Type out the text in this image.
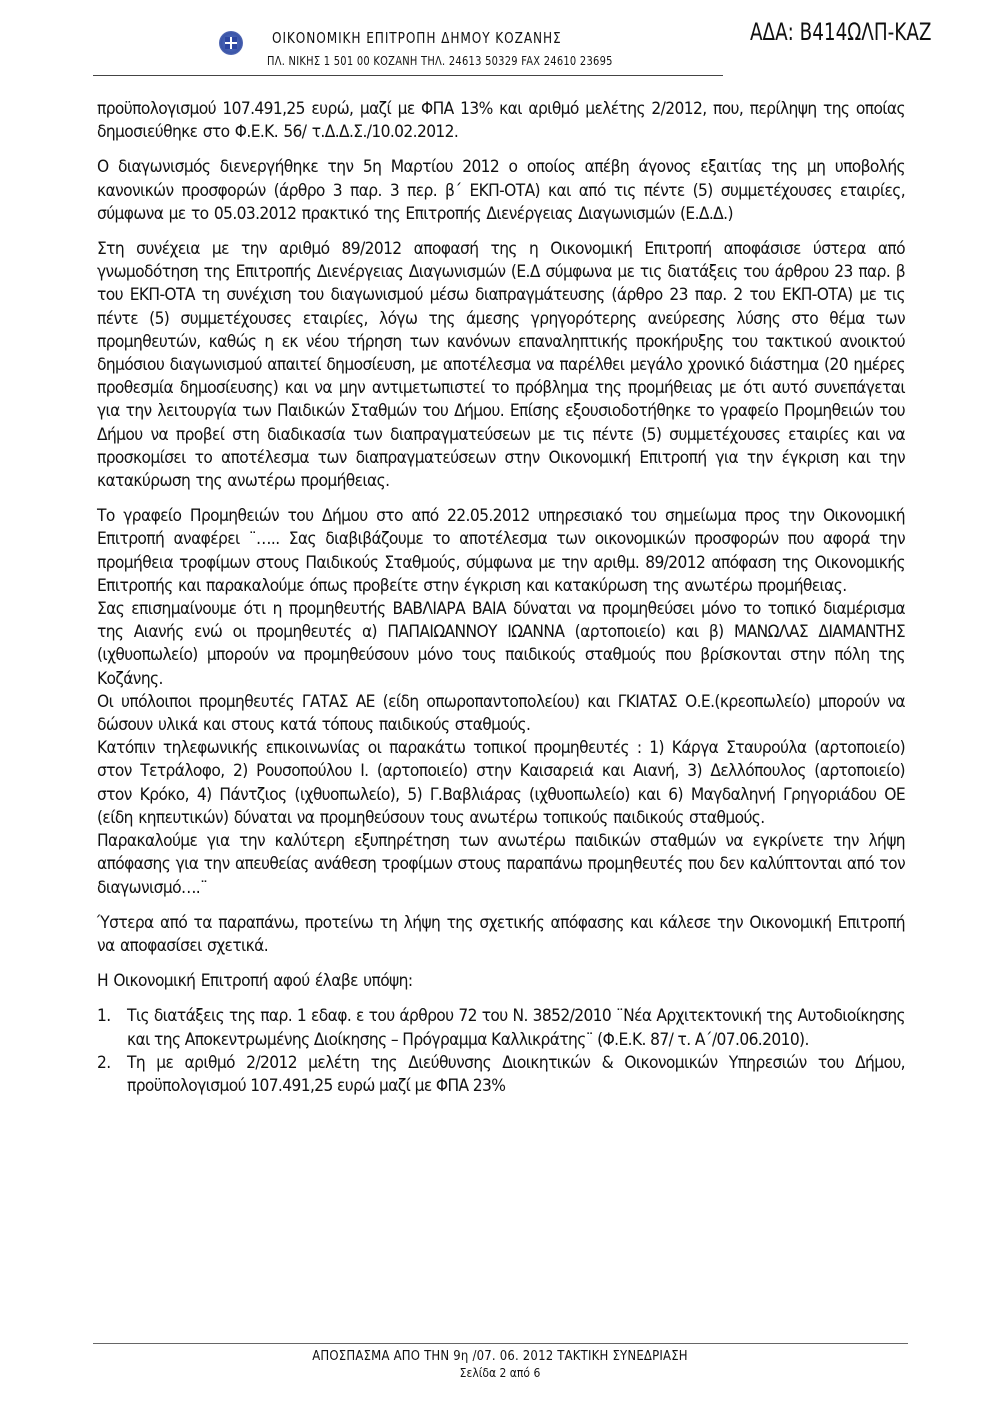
ΟΙΚΟΝΟΜΙΚΗ ΕΠΙΤΡΟΠΗ ΔΗΜΟΥ ΚΟΖΑΝΗΣ
ΠΛ. ΝΙΚΗΣ 1 501 00 ΚΟΖΑΝΗ ΤΗΛ. 24613 50329 FAX 24610 23695
ΑΔΑ: Β414ΩΛΠ-ΚΑΖ

προϋπολογισμού 107.491,25 ευρώ, μαζί με ΦΠΑ 13% και αριθμό μελέτης 2/2012, που, περίληψη της οποίας δημοσιεύθηκε στο Φ.Ε.Κ. 56/ τ.Δ.Δ.Σ./10.02.2012.

Ο διαγωνισμός διενεργήθηκε την 5η Μαρτίου 2012 ο οποίος απέβη άγονος εξαιτίας της μη υποβολής κανονικών προσφορών (άρθρο 3 παρ. 3 περ. β΄ ΕΚΠ-ΟΤΑ) και από τις πέντε (5) συμμετέχουσες εταιρίες, σύμφωνα με το 05.03.2012 πρακτικό της Επιτροπής Διενέργειας Διαγωνισμών (Ε.Δ.Δ.)

Στη συνέχεια με την αριθμό 89/2012 αποφασή της η Οικονομική Επιτροπή αποφάσισε ύστερα από γνωμοδότηση της Επιτροπής Διενέργειας Διαγωνισμών (Ε.Δ σύμφωνα με τις διατάξεις του άρθρου 23 παρ. β του ΕΚΠ-ΟΤΑ τη συνέχιση του διαγωνισμού μέσω διαπραγμάτευσης (άρθρο 23 παρ. 2 του ΕΚΠ-ΟΤΑ) με τις πέντε (5) συμμετέχουσες εταιρίες, λόγω της άμεσης γρηγορότερης ανεύρεσης λύσης στο θέμα των προμηθευτών, καθώς η εκ νέου τήρηση των κανόνων επαναληπτικής προκήρυξης του τακτικού ανοικτού δημόσιου διαγωνισμού απαιτεί δημοσίευση, με αποτέλεσμα να παρέλθει μεγάλο χρονικό διάστημα (20 ημέρες προθεσμία δημοσίευσης) και να μην αντιμετωπιστεί το πρόβλημα της προμήθειας με ότι αυτό συνεπάγεται για την λειτουργία των Παιδικών Σταθμών του Δήμου. Επίσης εξουσιοδοτήθηκε το γραφείο Προμηθειών του Δήμου να προβεί στη διαδικασία των διαπραγματεύσεων με τις πέντε (5) συμμετέχουσες εταιρίες και να προσκομίσει το αποτέλεσμα των διαπραγματεύσεων στην Οικονομική Επιτροπή για την έγκριση και την κατακύρωση της ανωτέρω προμήθειας.

Το γραφείο Προμηθειών του Δήμου στο από 22.05.2012 υπηρεσιακό του σημείωμα προς την Οικονομική Επιτροπή αναφέρει ¨….. Σας διαβιβάζουμε το αποτέλεσμα των οικονομικών προσφορών που αφορά την προμήθεια τροφίμων στους Παιδικούς Σταθμούς, σύμφωνα με την αριθμ. 89/2012 απόφαση της Οικονομικής Επιτροπής και παρακαλούμε όπως προβείτε στην έγκριση και κατακύρωση της ανωτέρω προμήθειας.

Σας επισημαίνουμε ότι η προμηθευτής ΒΑΒΛΙΑΡΑ ΒΑΙΑ δύναται να προμηθεύσει μόνο το τοπικό διαμέρισμα της Αιανής ενώ οι προμηθευτές α) ΠΑΠΑΙΩΑΝΝΟΥ ΙΩΑΝΝΑ (αρτοποιείο) και β) ΜΑΝΩΛΑΣ ΔΙΑΜΑΝΤΗΣ (ιχθυοπωλείο) μπορούν να προμηθεύσουν μόνο τους παιδικούς σταθμούς που βρίσκονται στην πόλη της Κοζάνης.

Οι υπόλοιποι προμηθευτές ΓΑΤΑΣ ΑΕ (είδη οπωροπαντοπολείου) και ΓΚΙΑΤΑΣ Ο.Ε.(κρεοπωλείο) μπορούν να δώσουν υλικά και στους κατά τόπους παιδικούς σταθμούς.

Κατόπιν τηλεφωνικής επικοινωνίας οι παρακάτω τοπικοί προμηθευτές : 1) Κάργα Σταυρούλα (αρτοποιείο) στον Τετράλοφο, 2) Ρουσοπούλου Ι. (αρτοποιείο) στην Καισαρειά και Αιανή, 3) Δελλόπουλος (αρτοποιείο) στον Κρόκο, 4) Πάντζιος (ιχθυοπωλείο), 5) Γ.Βαβλιάρας (ιχθυοπωλείο) και 6) Μαγδαληνή Γρηγοριάδου ΟΕ (είδη κηπευτικών) δύναται να προμηθεύσουν τους ανωτέρω τοπικούς παιδικούς σταθμούς.

Παρακαλούμε για την καλύτερη εξυπηρέτηση των ανωτέρω παιδικών σταθμών να εγκρίνετε την λήψη απόφασης για την απευθείας ανάθεση τροφίμων στους παραπάνω προμηθευτές που δεν καλύπτονται από τον διαγωνισμό….¨

Ύστερα από τα παραπάνω, προτείνω τη λήψη της σχετικής απόφασης και κάλεσε την Οικονομική Επιτροπή να αποφασίσει σχετικά.

Η Οικονομική Επιτροπή αφού έλαβε υπόψη:

1. Τις διατάξεις της παρ. 1 εδαφ. ε του άρθρου 72 του Ν. 3852/2010 ¨Νέα Αρχιτεκτονική της Αυτοδιοίκησης και της Αποκεντρωμένης Διοίκησης – Πρόγραμμα Καλλικράτης¨ (Φ.Ε.Κ. 87/ τ. Α΄/07.06.2010).
2. Τη με αριθμό 2/2012 μελέτη της Διεύθυνσης Διοικητικών & Οικονομικών Υπηρεσιών του Δήμου, προϋπολογισμού 107.491,25 ευρώ μαζί με ΦΠΑ 23%
ΑΠΟΣΠΑΣΜΑ ΑΠΟ ΤΗΝ 9η /07. 06. 2012 ΤΑΚΤΙΚΗ ΣΥΝΕΔΡΙΑΣΗ
Σελίδα 2 από 6
